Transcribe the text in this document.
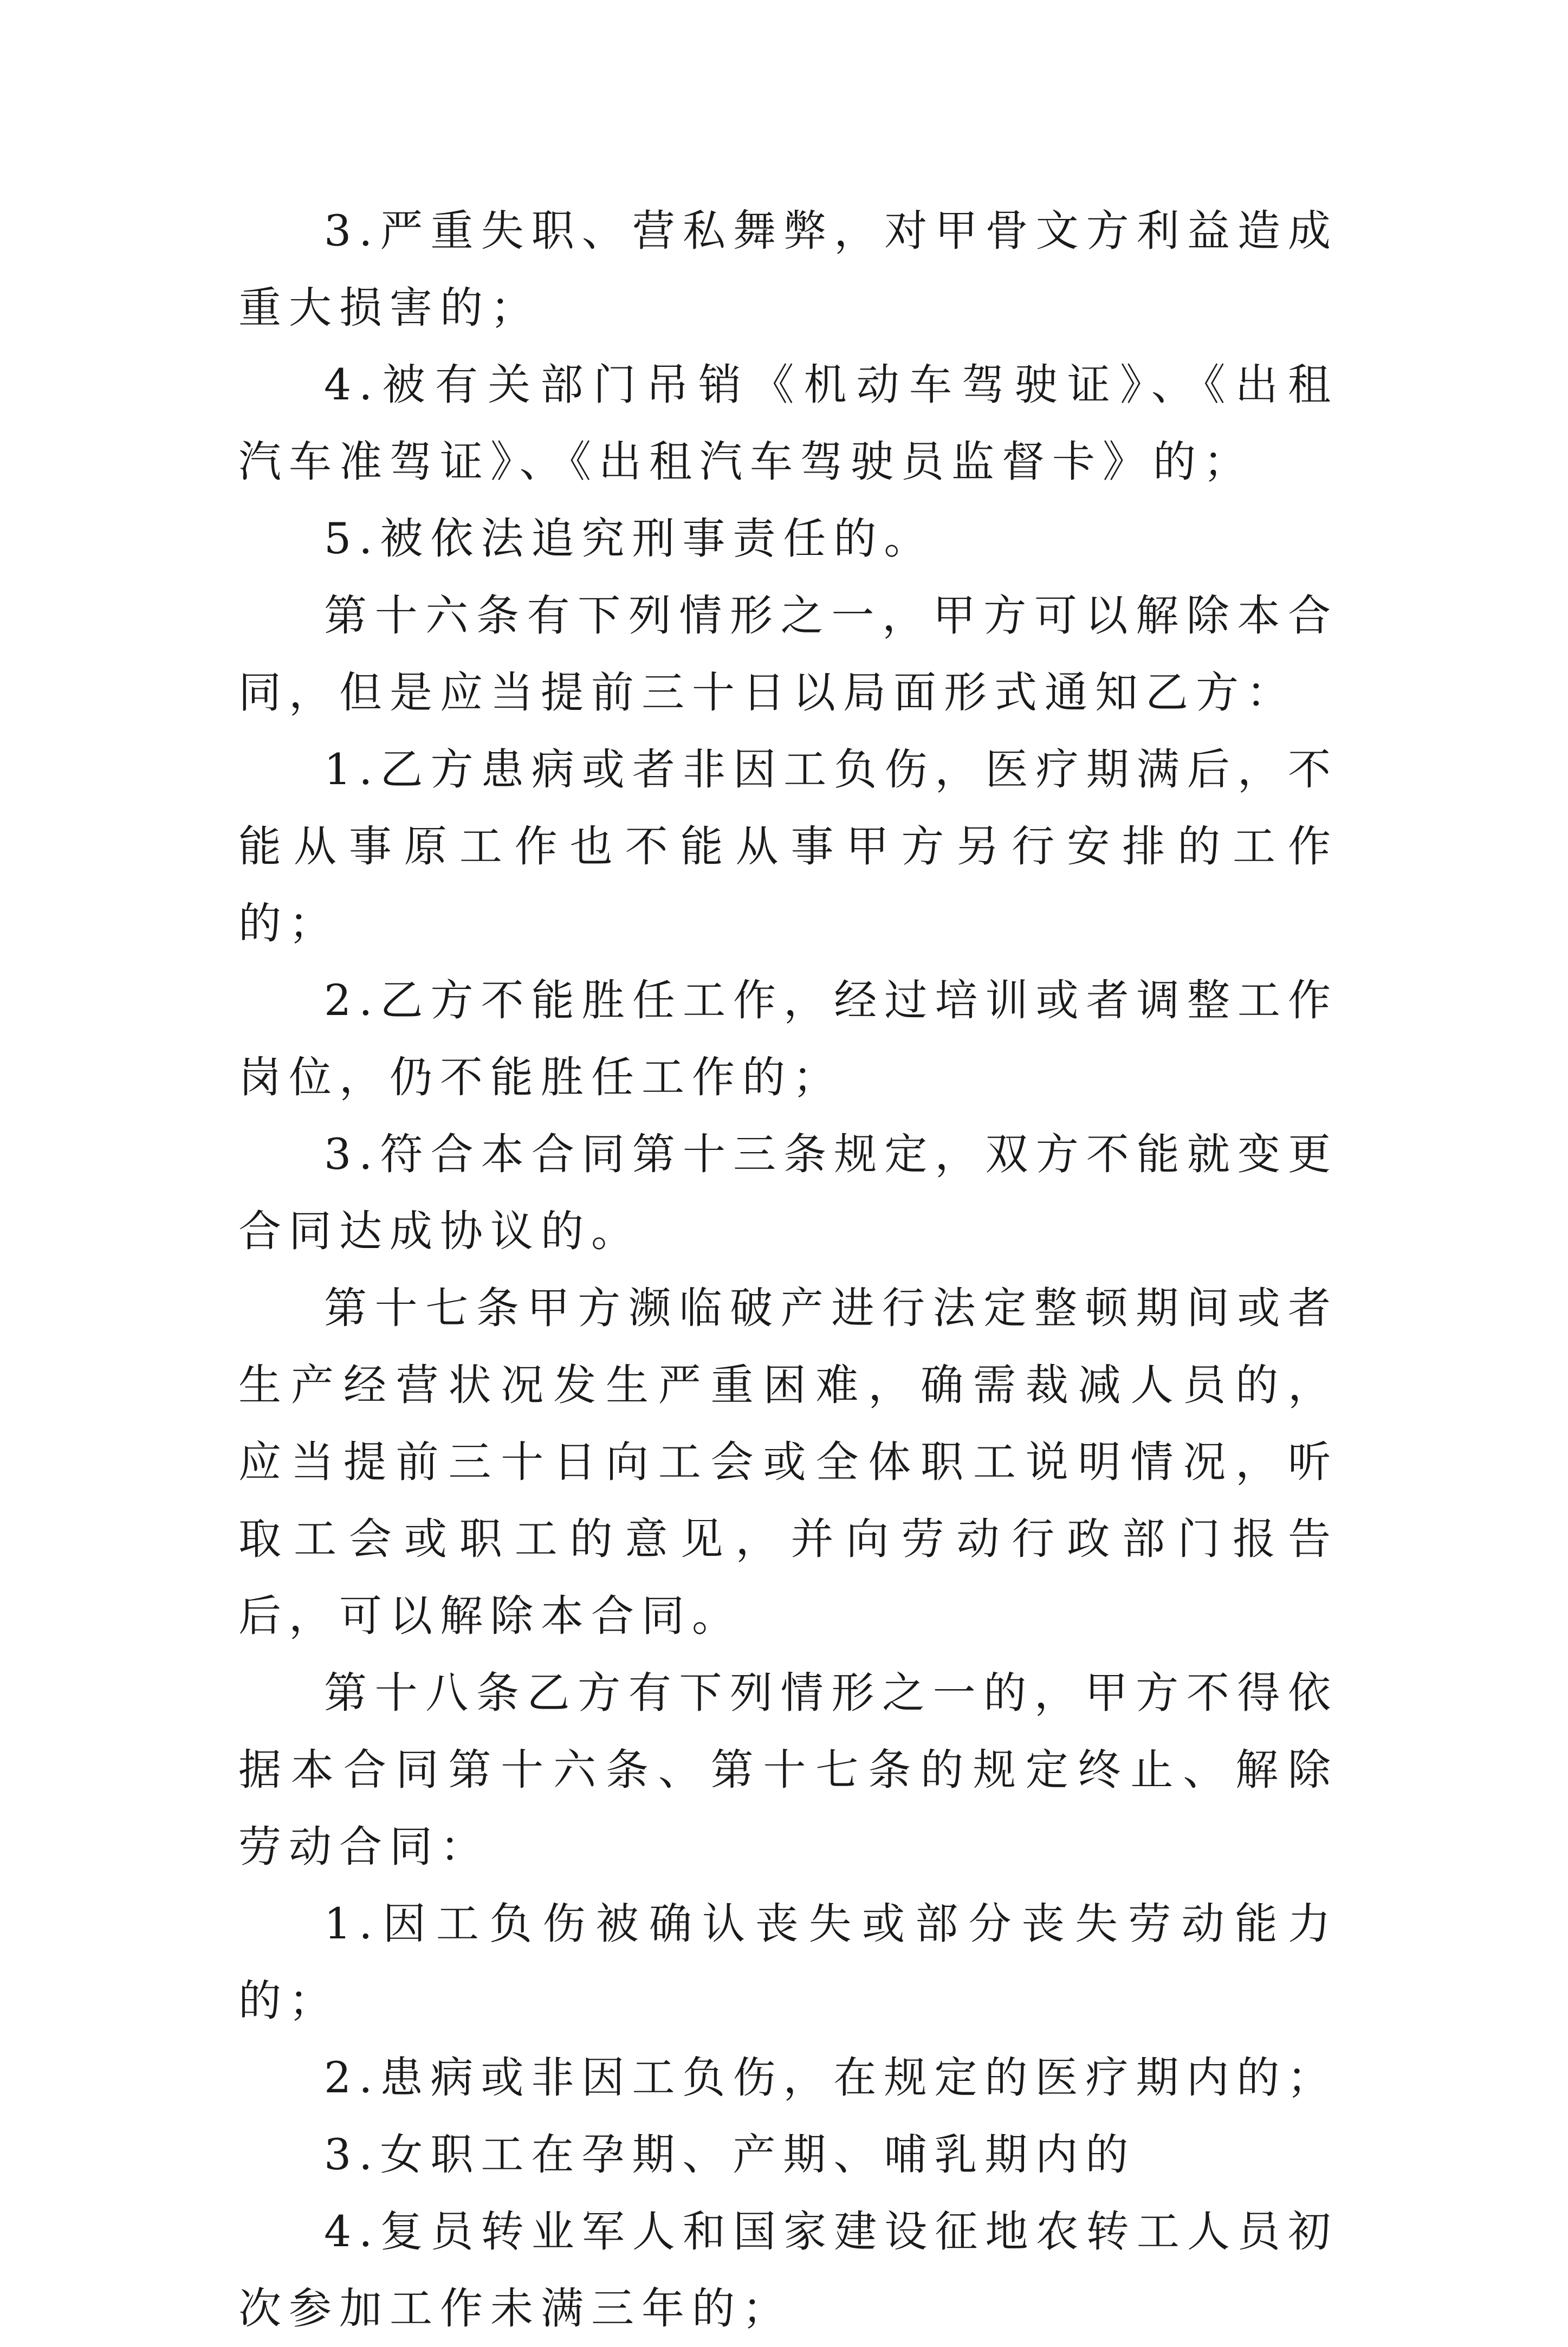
3.严重失职、营私舞弊，对甲骨文方利益造成重大损害的；

4.被有关部门吊销《机动车驾驶证》、《出租汽车准驾证》、《出租汽车驾驶员监督卡》的；

5.被依法追究刑事责任的。

第十六条有下列情形之一，甲方可以解除本合同，但是应当提前三十日以局面形式通知乙方：

1.乙方患病或者非因工负伤，医疗期满后，不能从事原工作也不能从事甲方另行安排的工作的；

2.乙方不能胜任工作，经过培训或者调整工作岗位，仍不能胜任工作的；

3.符合本合同第十三条规定，双方不能就变更合同达成协议的。

第十七条甲方濒临破产进行法定整顿期间或者生产经营状况发生严重困难，确需裁减人员的，应当提前三十日向工会或全体职工说明情况，听取工会或职工的意见，并向劳动行政部门报告后，可以解除本合同。

第十八条乙方有下列情形之一的，甲方不得依据本合同第十六条、第十七条的规定终止、解除劳动合同：

1.因工负伤被确认丧失或部分丧失劳动能力的；

2.患病或非因工负伤，在规定的医疗期内的；

3.女职工在孕期、产期、哺乳期内的

4.复员转业军人和国家建设征地农转工人员初次参加工作未满三年的；
